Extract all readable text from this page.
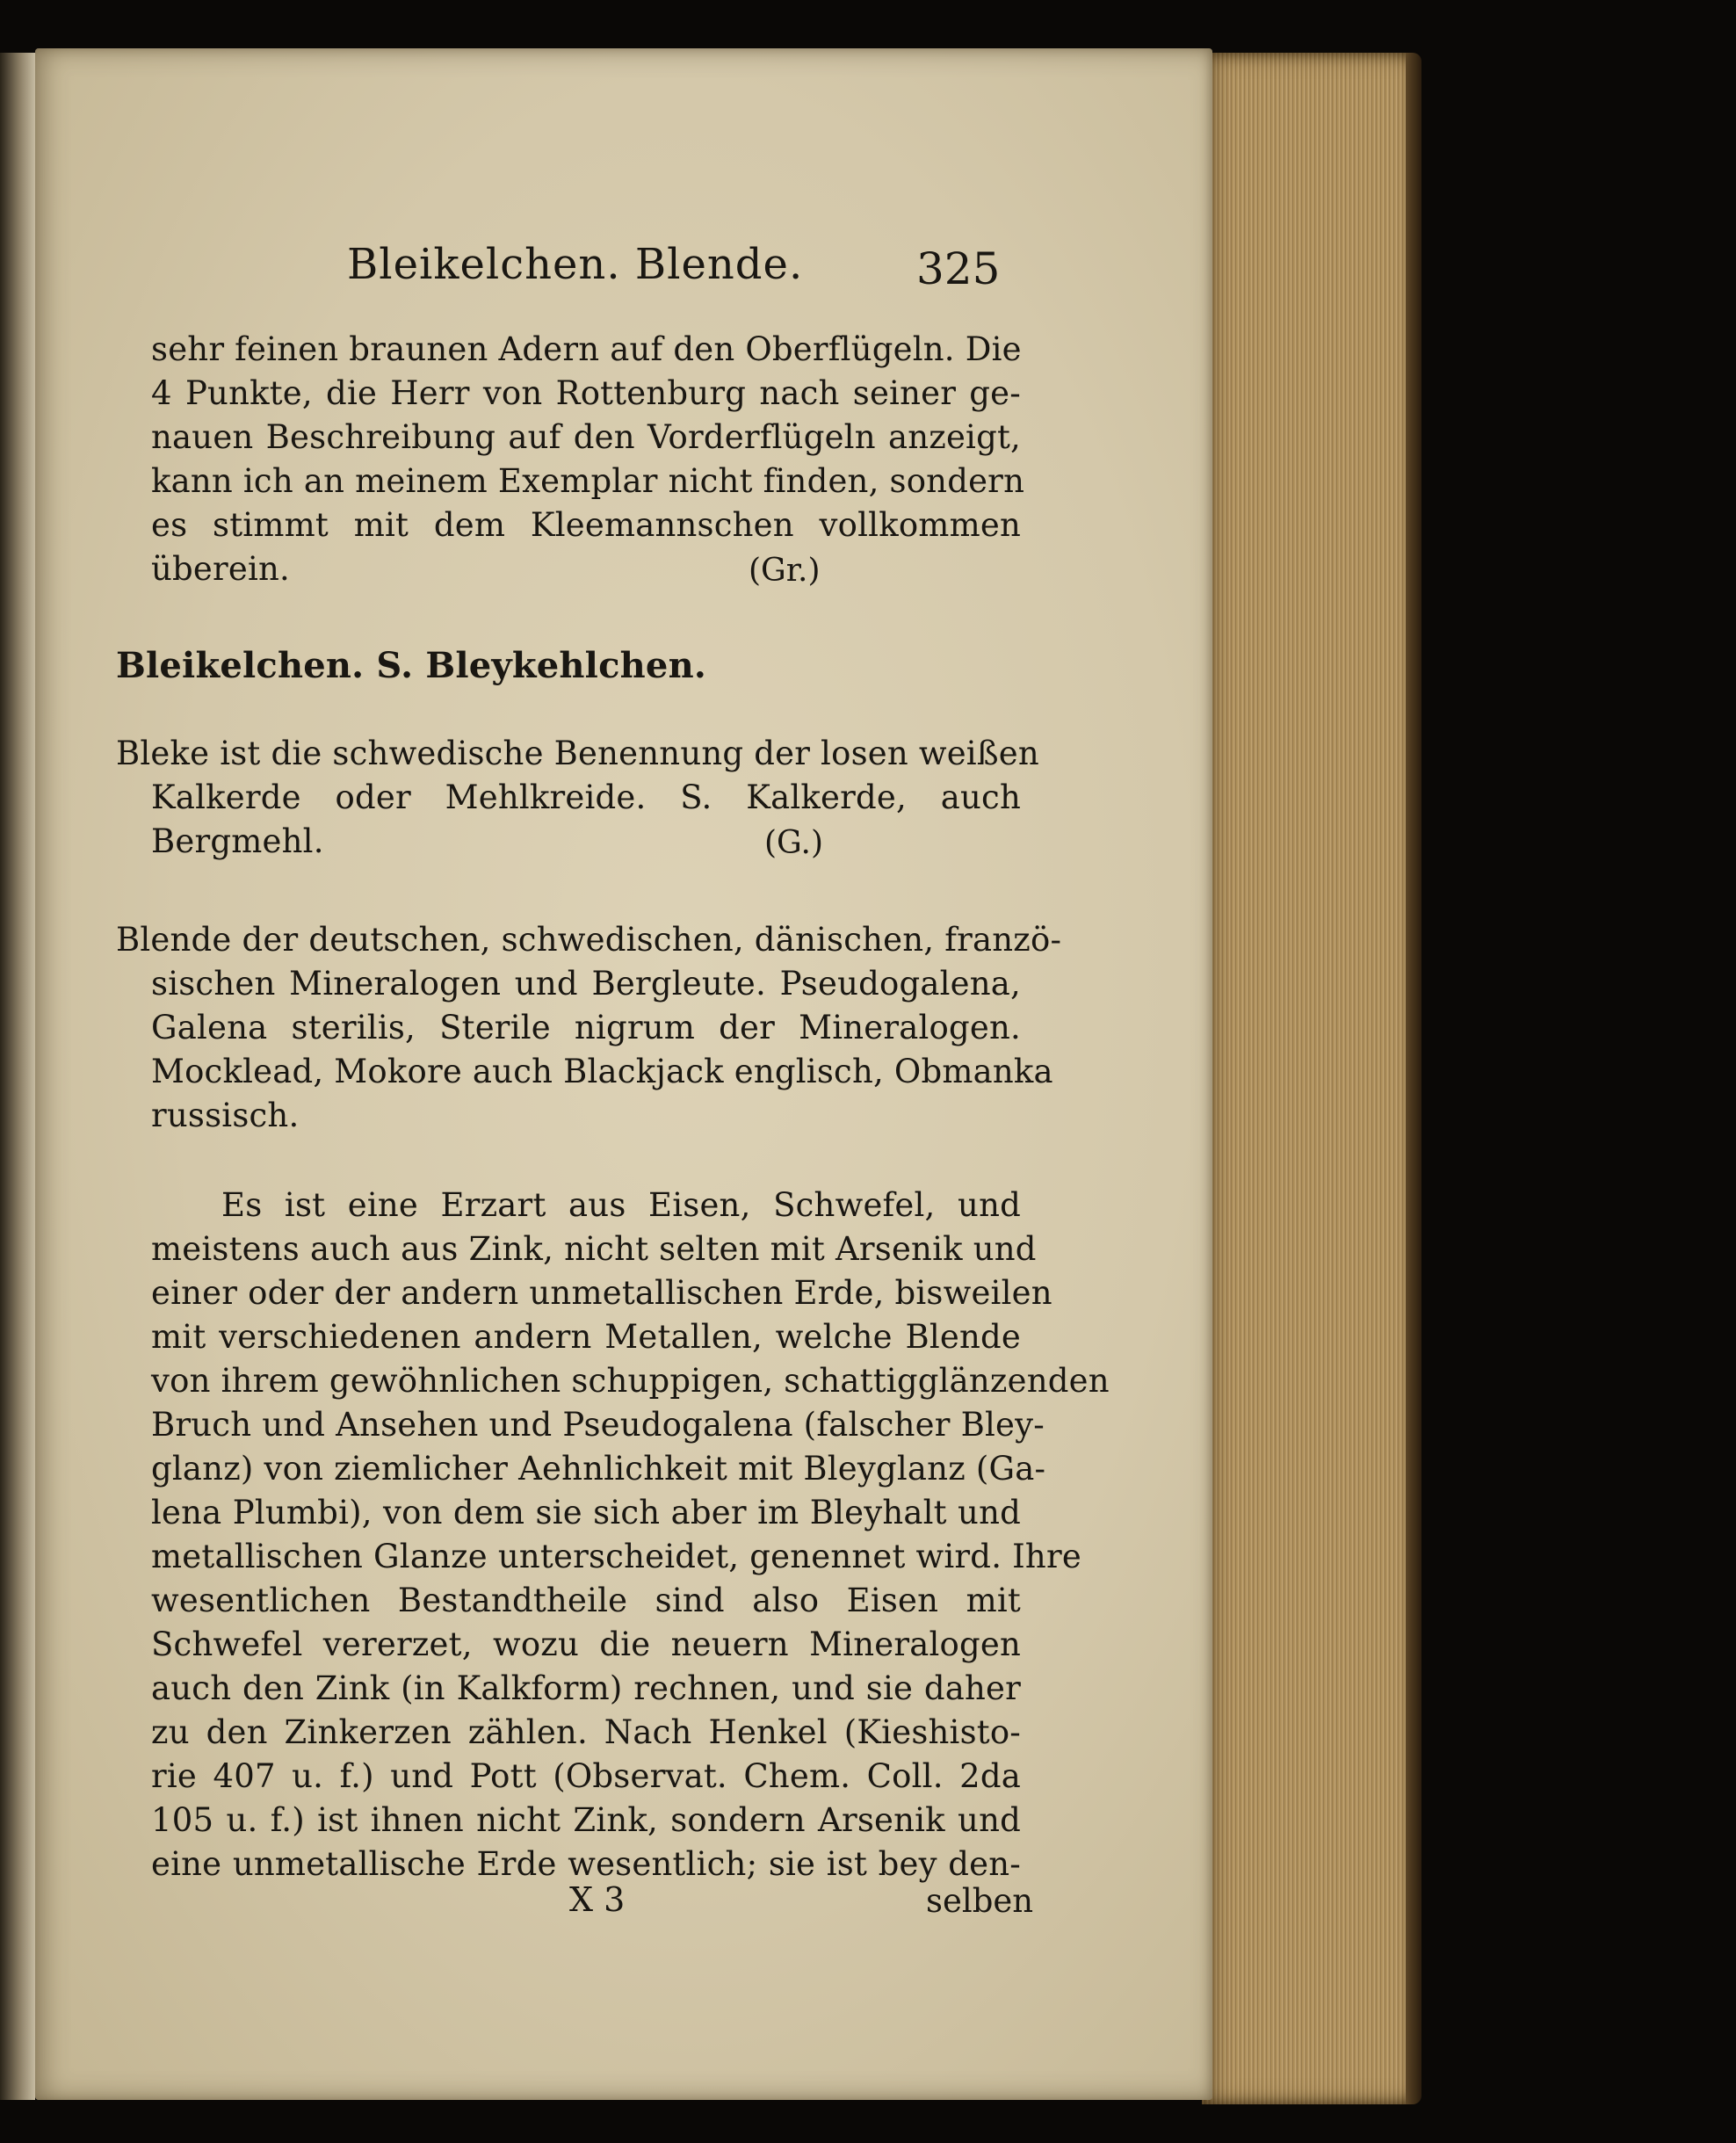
Bleikelchen. Blende.	325
sehr feinen braunen Adern auf den Oberflügeln. Die
4 Punkte, die Herr von Rottenburg nach seiner ge-
nauen Beschreibung auf den Vorderflügeln anzeigt,
kann ich an meinem Exemplar nicht finden, sondern
es stimmt mit dem Kleemannschen vollkommen
überein.	(Gr.)
Bleikelchen. S. Bleykehlchen.
Bleke ist die schwedische Benennung der losen weißen
Kalkerde oder Mehlkreide. S. Kalkerde, auch
Bergmehl.	(G.)
Blende der deutschen, schwedischen, dänischen, franzö-
sischen Mineralogen und Bergleute. Pseudogalena,
Galena sterilis, Sterile nigrum der Mineralogen.
Mocklead, Mokore auch Blackjack englisch, Obmanka
russisch.
Es ist eine Erzart aus Eisen, Schwefel, und
meistens auch aus Zink, nicht selten mit Arsenik und
einer oder der andern unmetallischen Erde, bisweilen
mit verschiedenen andern Metallen, welche Blende
von ihrem gewöhnlichen schuppigen, schattigglänzenden
Bruch und Ansehen und Pseudogalena (falscher Bley-
glanz) von ziemlicher Aehnlichkeit mit Bleyglanz (Ga-
lena Plumbi), von dem sie sich aber im Bleyhalt und
metallischen Glanze unterscheidet, genennet wird. Ihre
wesentlichen Bestandtheile sind also Eisen mit
Schwefel vererzet, wozu die neuern Mineralogen
auch den Zink (in Kalkform) rechnen, und sie daher
zu den Zinkerzen zählen. Nach Henkel (Kieshisto-
rie 407 u. f.) und Pott (Observat. Chem. Coll. 2da
105 u. f.) ist ihnen nicht Zink, sondern Arsenik und
eine unmetallische Erde wesentlich; sie ist bey den-
X 3	selben
